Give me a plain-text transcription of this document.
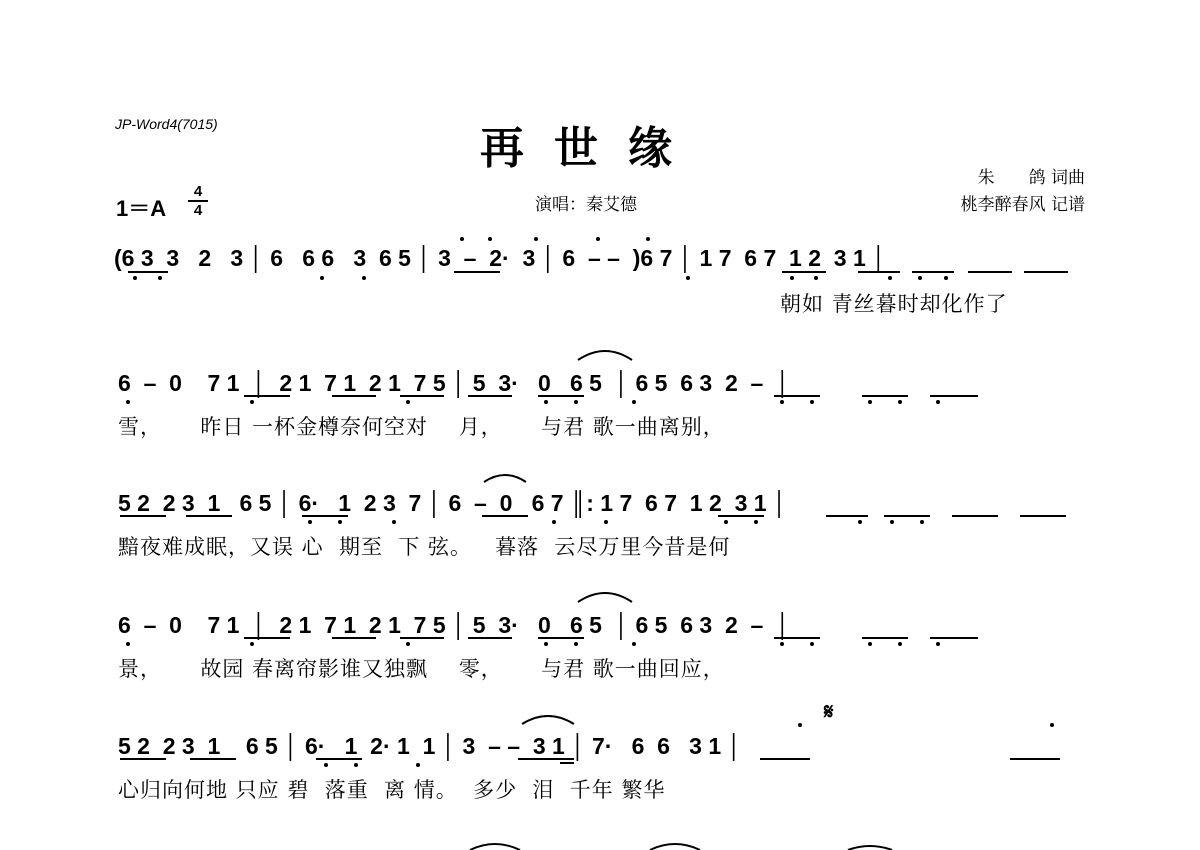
JP-Word4(7015)	再世缘
朱　　鸽 词曲
桃李醉春风 记谱
演唱：秦艾德
1＝A
4
4
(6 3  3   2   3 │ 6   6 6   3  6 5 │ 3  –  2·  3 │ 6  – –  )6 7 │ 1 7  6 7  1 2  3 1 │
朝如 青丝暮时却化作了
6  –  0    7 1  │  2 1  7 1  2 1  7 5 │ 5  3·   0   6 5  │ 6 5  6 3  2  –  │
雪，     昨日 一杯金樽奈何空对    月，     与君 歌一曲离别，
5 2  2 3  1   6 5 │ 6·   1  2 3  7 │ 6  –  0   6 7 ║: 1 7  6 7  1 2  3 1 │
黯夜难成眠，又误 心  期至  下 弦。   暮落  云尽万里今昔是何
6  –  0    7 1  │  2 1  7 1  2 1  7 5 │ 5  3·   0   6 5  │ 6 5  6 3  2  –  │
景，     故园 春离帘影谁又独飘    零，     与君 歌一曲回应，
𝄋
5 2  2 3  1    6 5 │ 6·   1  2· 1  1 │ 3  – –  3 1 │ 7·   6  6   3 1 │
心归向何地 只应 碧  落重  离 情。  多少  泪  千年 繁华
